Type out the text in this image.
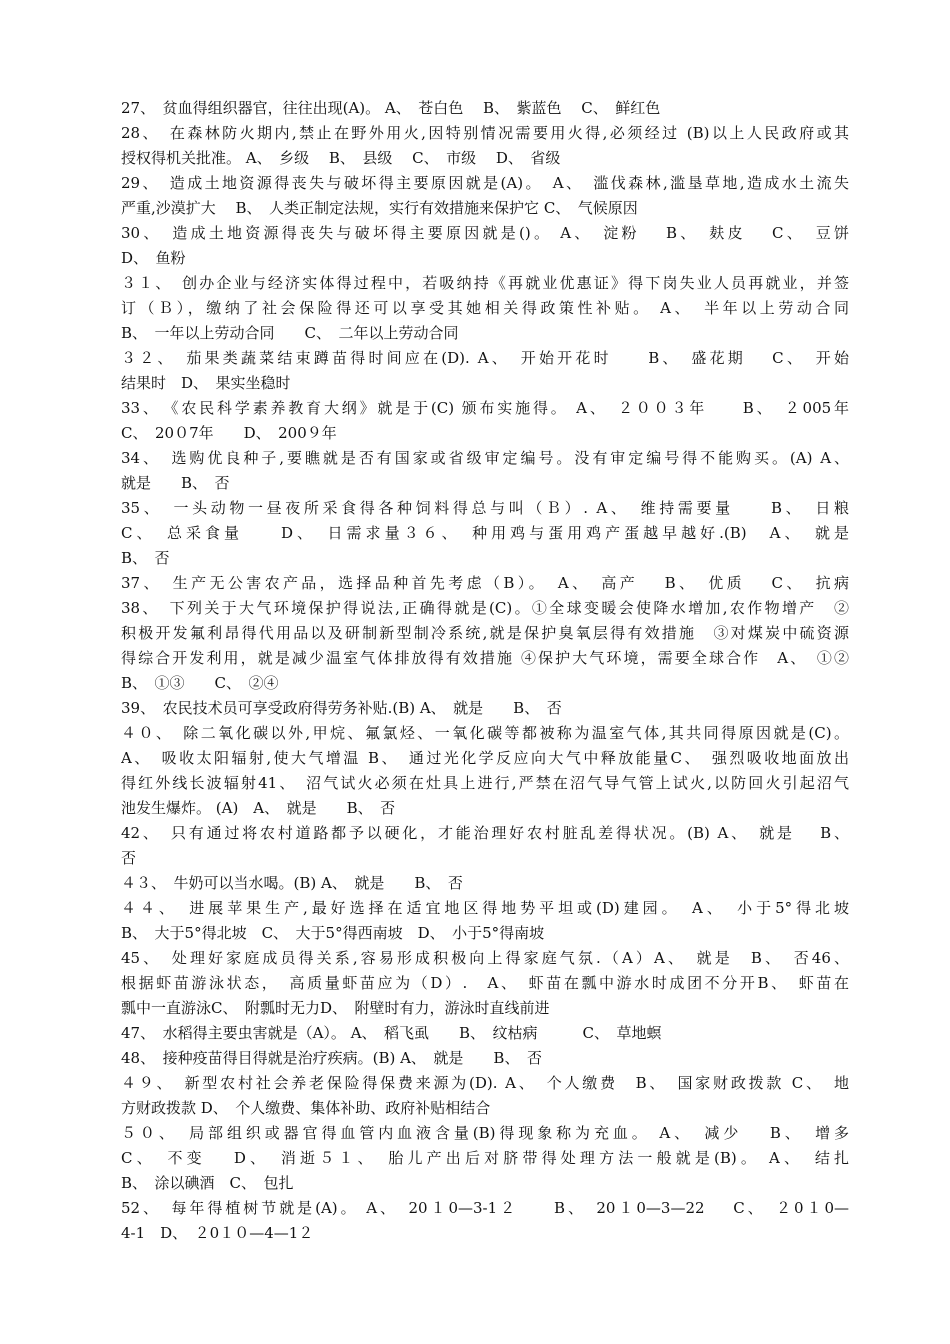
27、　贫血得组织器官，往往出现(A)。 A、　苍白色　 B、　紫蓝色　 C、　鲜红色
28、　在森林防火期内,禁止在野外用火,因特别情况需要用火得,必须经过 (B)以上人民政府或其
授权得机关批准。 A、　乡级　 B、　县级　 C、　市级　 D、　省级
29、　造成土地资源得丧失与破坏得主要原因就是(A)。　A、　滥伐森林,滥垦草地,造成水土流失
严重,沙漠扩大　 B、　人类正制定法规，实行有效措施来保护它 C、　气候原因
30、　造成土地资源得丧失与破坏得主要原因就是()。 A、　淀粉　 B、　麸皮　 C、　豆饼
D、　鱼粉
３１、　创办企业与经济实体得过程中，若吸纳持《再就业优惠证》得下岗失业人员再就业，并签
订（Ｂ），缴纳了社会保险得还可以享受其她相关得政策性补贴。 A、　半年以上劳动合同
B、　一年以上劳动合同　　C、　二年以上劳动合同
３２、　茄果类蔬菜结束蹲苗得时间应在(D). A、　开始开花时　　B、　盛花期　 C、　开始
结果时　D、　果实坐稳时
33、　《农民科学素养教育大纲》就是于(C) 颁布实施得。 A、　２００３年　　B、　２005年
C、　20０7年　　D、　200９年
34、　选购优良种子,要瞧就是否有国家或省级审定编号。没有审定编号得不能购买。(A) A、
就是　　B、　否
35、　一头动物一昼夜所采食得各种饲料得总与叫（Ｂ）. A、　维持需要量　　B、　日粮
C、　总采食量　　D、　日需求量３６、　种用鸡与蛋用鸡产蛋越早越好.(B)　A、　就是
B、　否
37、　生产无公害农产品，选择品种首先考虑（B）。　A、　高产　 B、　优质　 C、　抗病
38、　下列关于大气环境保护得说法,正确得就是(C)。①全球变暖会使降水增加,农作物增产　②
积极开发氟利昂得代用品以及研制新型制冷系统,就是保护臭氧层得有效措施　③对煤炭中硫资源
得综合开发利用，就是减少温室气体排放得有效措施 ④保护大气环境，需要全球合作　A、　①②
B、　①③　　C、　②④
39、　农民技术员可享受政府得劳务补贴.(B) A、　就是　　B、　否
４０、　除二氧化碳以外,甲烷、氟氯烃、一氧化碳等都被称为温室气体,其共同得原因就是(C)。
A、　吸收太阳辐射,使大气增温 B、　通过光化学反应向大气中释放能量C、　强烈吸收地面放出
得红外线长波辐射41、　沼气试火必须在灶具上进行,严禁在沼气导气管上试火,以防回火引起沼气
池发生爆炸。 (A)　A、　就是　　B、　否
42、　只有通过将农村道路都予以硬化，才能治理好农村脏乱差得状况。(B) A、　就是　 B、
否
４３、　牛奶可以当水喝。(B) A、　就是　　B、　否
４４、　进展苹果生产,最好选择在适宜地区得地势平坦或(D)建园。　A、　小于5°得北坡
B、　大于5°得北坡　C、　大于5°得西南坡　D、　小于5°得南坡
45、　处理好家庭成员得关系,容易形成积极向上得家庭气氛.（A）A、　就是　B、　否46、
根据虾苗游泳状态，　高质量虾苗应为（D）.　A、　虾苗在瓢中游水时成团不分开B、　虾苗在
瓢中一直游泳C、　附瓢时无力D、　附壁时有力，游泳时直线前进
47、　水稻得主要虫害就是（A）。 A、　稻飞虱　　B、　纹枯病　　　C、　草地螟
48、　接种疫苗得目得就是治疗疾病。(B) A、　就是　　B、　否
４９、　新型农村社会养老保险得保费来源为(D). A、　个人缴费　B、　国家财政拨款 C、　地
方财政拨款 D、　个人缴费、集体补助、政府补贴相结合
５０、　局部组织或器官得血管内血液含量(B)得现象称为充血。 A、　减少　 B、　增多
C、　不变　 D、　消逝５１、　胎儿产出后对脐带得处理方法一般就是(B)。 A、　结扎
B、　涂以碘酒　C、　包扎
52、　每年得植树节就是(A)。 A、　20１0—3-1２　　B、　20１0—3—22　 C、　２0１0—
4-1　D、　２0１０—4—1２
